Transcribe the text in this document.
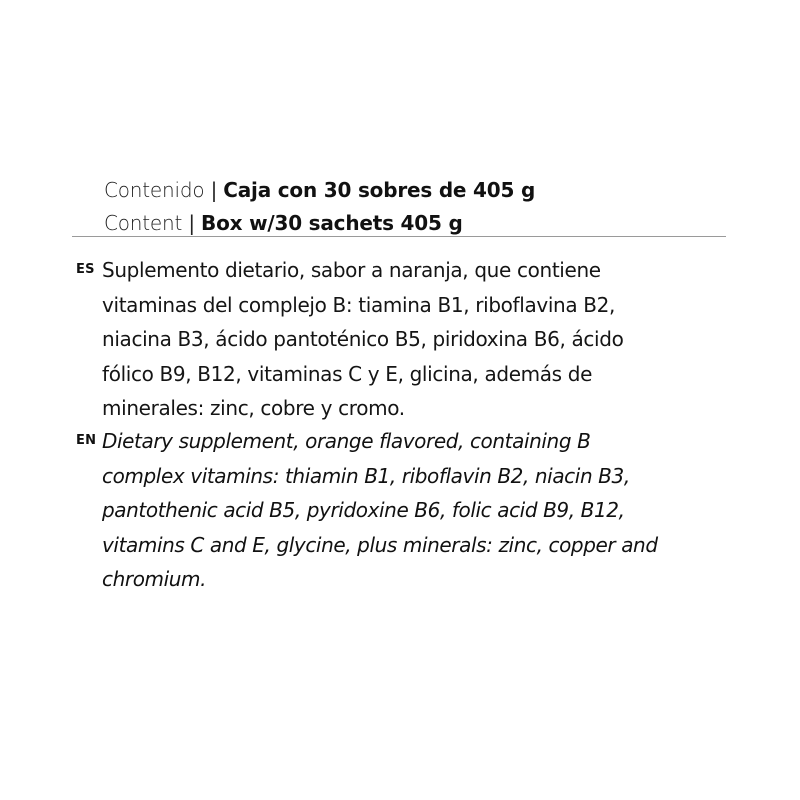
Contenido | Caja con 30 sobres de 405 g
Content | Box w/30 sachets 405 g
ES Suplemento dietario, sabor a naranja, que contiene
vitaminas del complejo B: tiamina B1, riboflavina B2,
niacina B3, ácido pantoténico B5, piridoxina B6, ácido
fólico B9, B12, vitaminas C y E, glicina, además de
minerales: zinc, cobre y cromo.
EN Dietary supplement, orange flavored, containing B
complex vitamins: thiamin B1, riboflavin B2, niacin B3,
pantothenic acid B5, pyridoxine B6, folic acid B9, B12,
vitamins C and E, glycine, plus minerals: zinc, copper and
chromium.
